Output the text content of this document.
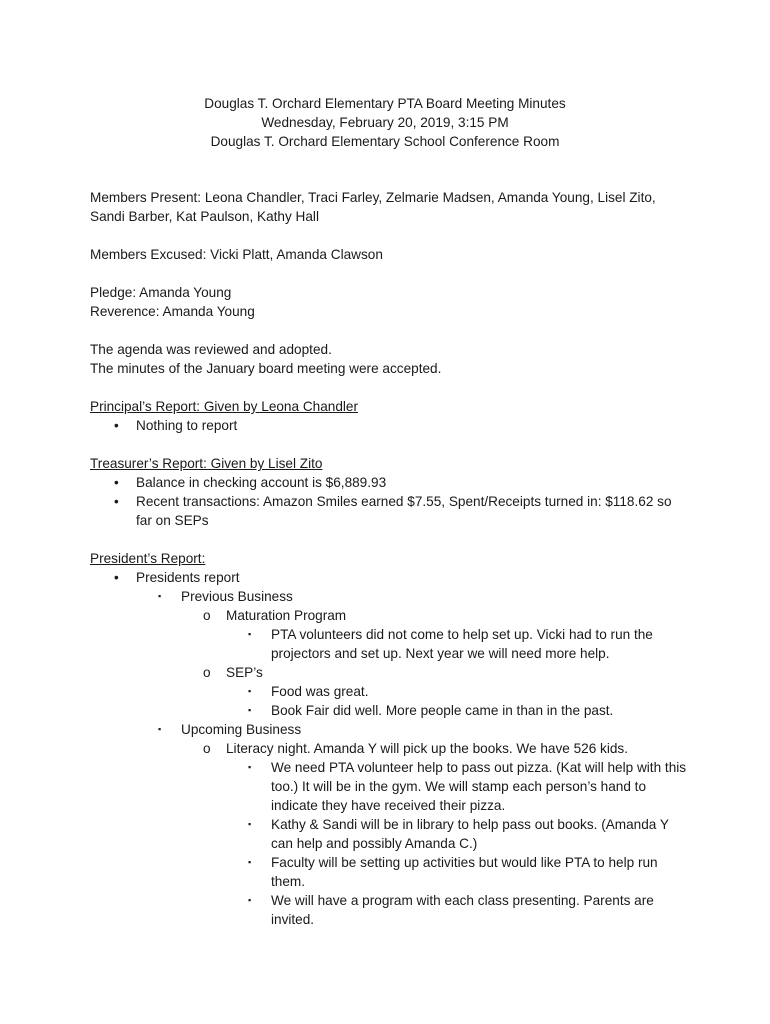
Douglas T. Orchard Elementary PTA Board Meeting Minutes
Wednesday, February 20, 2019, 3:15 PM
Douglas T. Orchard Elementary School Conference Room
Members Present: Leona Chandler, Traci Farley, Zelmarie Madsen, Amanda Young, Lisel Zito,
Sandi Barber, Kat Paulson, Kathy Hall
Members Excused: Vicki Platt, Amanda Clawson
Pledge: Amanda Young
Reverence: Amanda Young
The agenda was reviewed and adopted.
The minutes of the January board meeting were accepted.
Principal’s Report: Given by Leona Chandler
• Nothing to report
Treasurer’s Report: Given by Lisel Zito
• Balance in checking account is $6,889.93
• Recent transactions: Amazon Smiles earned $7.55, Spent/Receipts turned in: $118.62 so far on SEPs
President’s Report:
• Presidents report
▪ Previous Business
o Maturation Program
▪ PTA volunteers did not come to help set up. Vicki had to run the projectors and set up. Next year we will need more help.
o SEP’s
▪ Food was great.
▪ Book Fair did well. More people came in than in the past.
▪ Upcoming Business
o Literacy night. Amanda Y will pick up the books. We have 526 kids.
▪ We need PTA volunteer help to pass out pizza. (Kat will help with this too.) It will be in the gym. We will stamp each person’s hand to indicate they have received their pizza.
▪ Kathy & Sandi will be in library to help pass out books. (Amanda Y can help and possibly Amanda C.)
▪ Faculty will be setting up activities but would like PTA to help run them.
▪ We will have a program with each class presenting. Parents are invited.
